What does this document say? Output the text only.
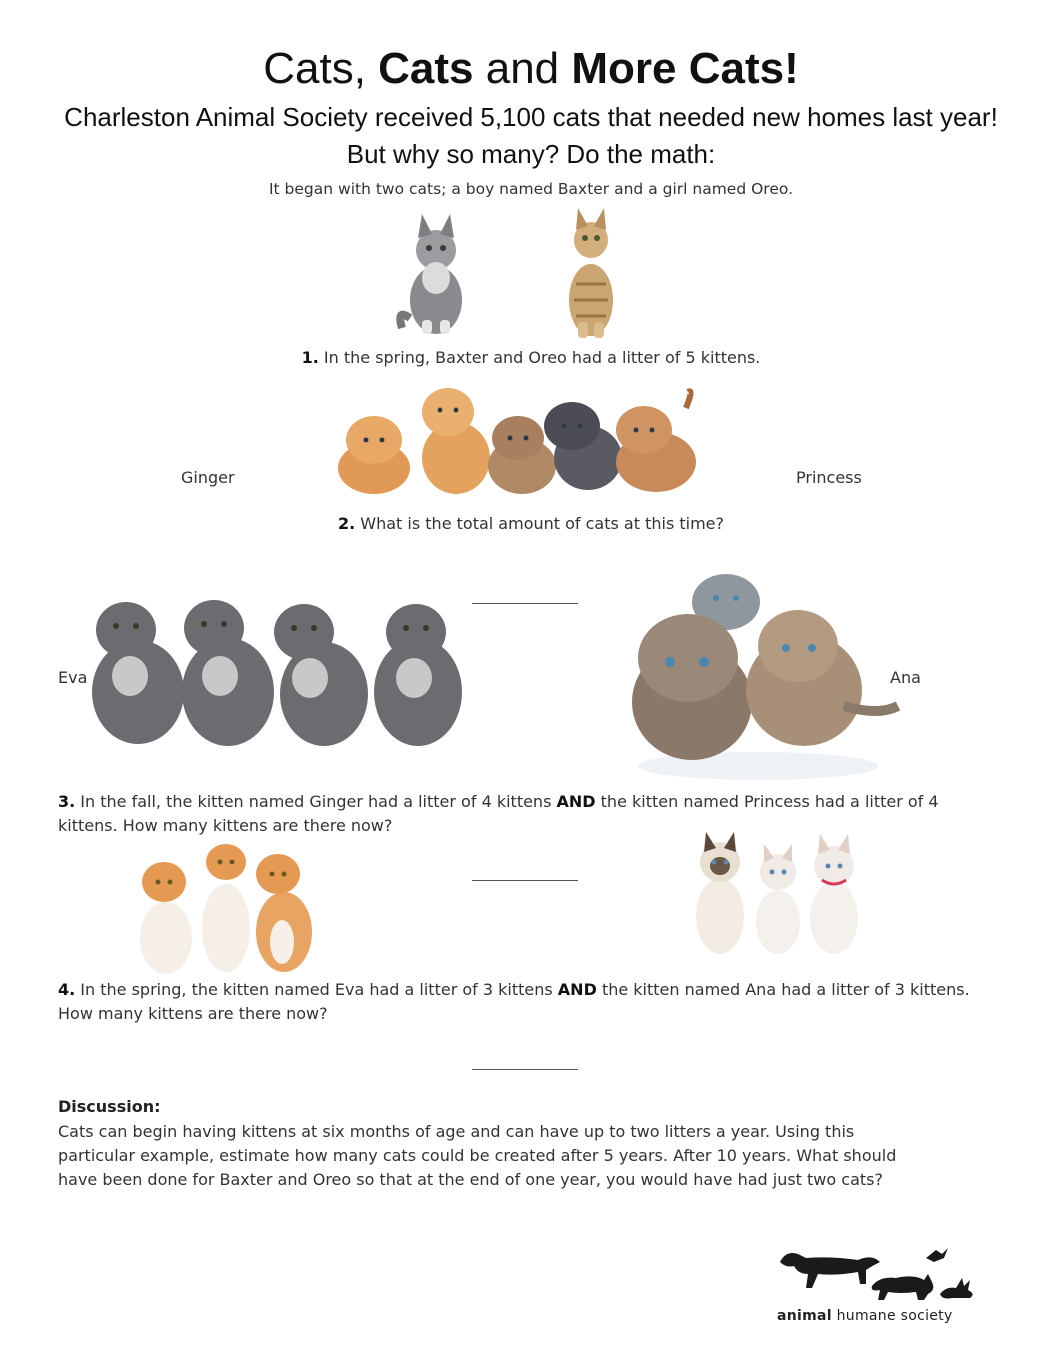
Cats, Cats and More Cats!
Charleston Animal Society received 5,100 cats that needed new homes last year!
But why so many? Do the math:
It began with two cats; a boy named Baxter and a girl named Oreo.
1. In the spring, Baxter and Oreo had a litter of 5 kittens.
Ginger	Princess
2. What is the total amount of cats at this time?
Eva	Ana
3. In the fall, the kitten named Ginger had a litter of 4 kittens AND the kitten named Princess had a litter of 4 kittens. How many kittens are there now?
4. In the spring, the kitten named Eva had a litter of 3 kittens AND the kitten named Ana had a litter of 3 kittens. How many kittens are there now?
Discussion:
Cats can begin having kittens at six months of age and can have up to two litters a year. Using this
particular example, estimate how many cats could be created after 5 years. After 10 years. What should
have been done for Baxter and Oreo so that at the end of one year, you would have had just two cats?
animal humane society
